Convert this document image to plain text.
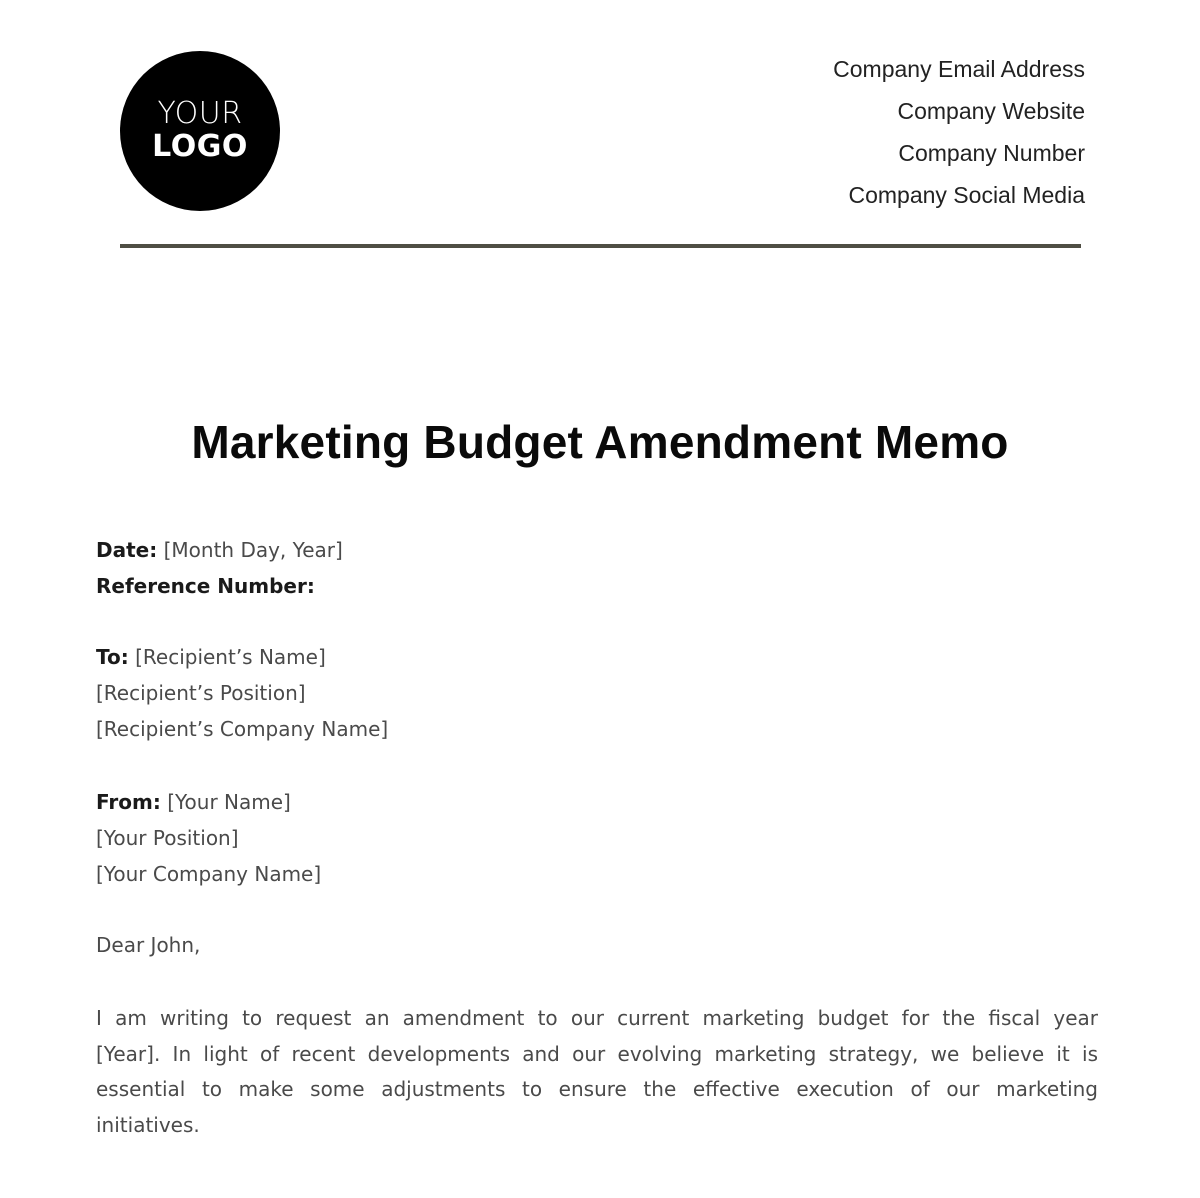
YOUR
LOGO
Company Email Address
Company Website
Company Number
Company Social Media
Marketing Budget Amendment Memo
Date: [Month Day, Year]
Reference Number:
To: [Recipient’s Name]
[Recipient’s Position]
[Recipient’s Company Name]
From: [Your Name]
[Your Position]
[Your Company Name]
Dear John,

I am writing to request an amendment to our current marketing budget for the fiscal year [Year]. In light of recent developments and our evolving marketing strategy, we believe it is essential to make some adjustments to ensure the effective execution of our marketing initiatives.
